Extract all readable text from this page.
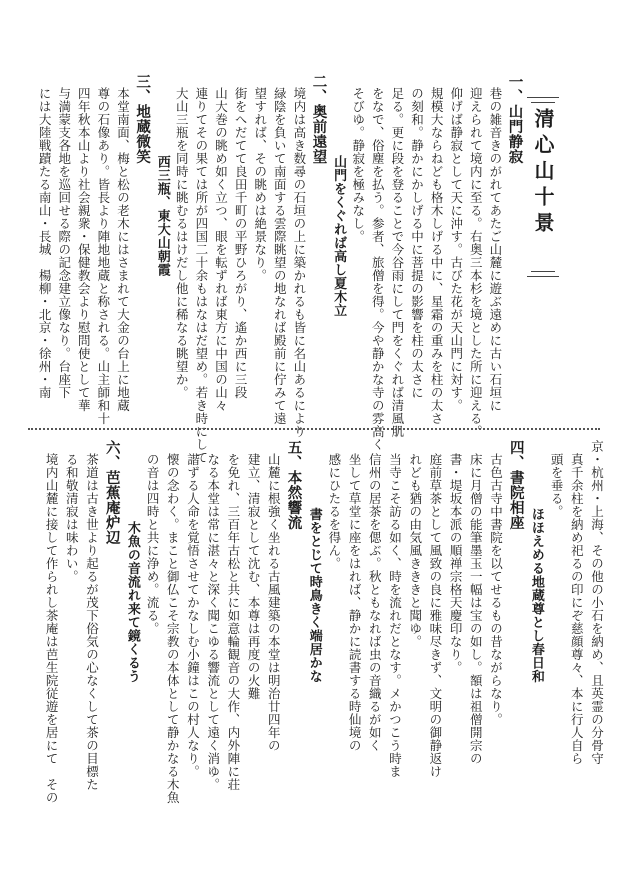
清心山十景
一、山門静寂
　巷の雑音きのがれてあたご山麓に遊ぶ遠めに古い石垣に
　迎えられて境内に至る。右奥三本杉を境とした所に迎える。
　仰げば静寂として天に沖す。古びた花が天山門に対す。
　規模大ならねども格木しげる中に、星霜の重みを柱の太さ
　の刻和。静かにかしげる中に菩提の影響を柱の太さに
　足る。更に段を登ることで今谷雨にして門をくぐれば清風肌
　をなで、俗塵を払う。参者、旅僧を得。今や静かな寺の雰高く
　そびゆ。静寂を極みなし。
　　　　　　山門をくぐれば高し夏木立
二、奥前遠望
　境内は高き数尋の石垣の上に築かれるも皆に名山あるにより
　緑陰を負いて南面する雲際眺望の地なれば殿前に佇みて遠
　望すれば、その眺めは絶景なり。
　街をへだてて良田千町の平野ひろがり、遙か西に三段
　山大巻の眺め如く立つ、眼を転ずれば東方に中国の山々
　連りてその果ては所が四国二十余もはなはだ望め。若き時にして
　大山三瓶を同時に眺むるはけだし他に稀なる眺望か。
　　　　　　西三瓶、東大山朝霞
三、地蔵微笑
　本堂南面、梅と松の老木にはさまれて大金の台上に地蔵
　尊の石像あり。皆長より陣地地蔵と称される。山主師和十
　四年秋本山より社会親衆・保健教会より慰問使として華
　与満蒙支各地を巡回せる際の記念建立像なり。台座下
　には大陸戦蹟たる南山・長城　楊柳・北京・徐州・南
京・杭州・上海、その他の小石を納め、且英霊の分骨守
　真千余柱を納め祀るの印にぞ慈顔尊々、本に行人自ら
　頭を垂る。
　　　　　ほほえめる地蔵尊とし春日和
四、書院相座
　古色古寺中書院を以てせるもの昔ながらなり。
　床に月僧の能筆墨玉一幅は宝の如し。額は祖僧開宗の
　書・堤坂本派の順禅宗格天慶印なり。
　庭前草茶として風致の良に雅味尽きず、文明の御静返け
　れども猶の由気風きききと聞ゆ。
　当寺こそ訪る如く、時を流れだとなす。メかつこう時ま
　信州の居茶を偲ぶ。秋ともなれば虫の音織るが如く
　坐して草堂に座をはれば、静かに読書する時仙境の
　感にひたるを得ん。
　　　　　書をとじて時鳥きく端居かな
五、本然響流
　山麓に根強く坐れる古風建築の本堂は明治廿四年の
　建立、清寂として沈む、本尊は再度の火難
　を免れ、三百年古松と共に如意輪観音の大作、内外陣に荘
　なる本堂は常に湛々と深く聞こゆる響流として遠く消ゆ。
　諧ずる人命を覚悟させてかなしむ小鐘はこの村人なり。
　懐の念わく。まこと御仏こそ宗教の本体として静かなる木魚
　の音は四時と共に浄め。流る。
　　　　　　木魚の音流れ来て鏡くるう
六、芭蕉庵炉辺
　茶道は古き世より起るが茂下俗気の心なくして茶の目標た
　る和敬清寂は味わい。
　境内山麓に接して作られし茶庵は芭生院従遊を居にて　その
